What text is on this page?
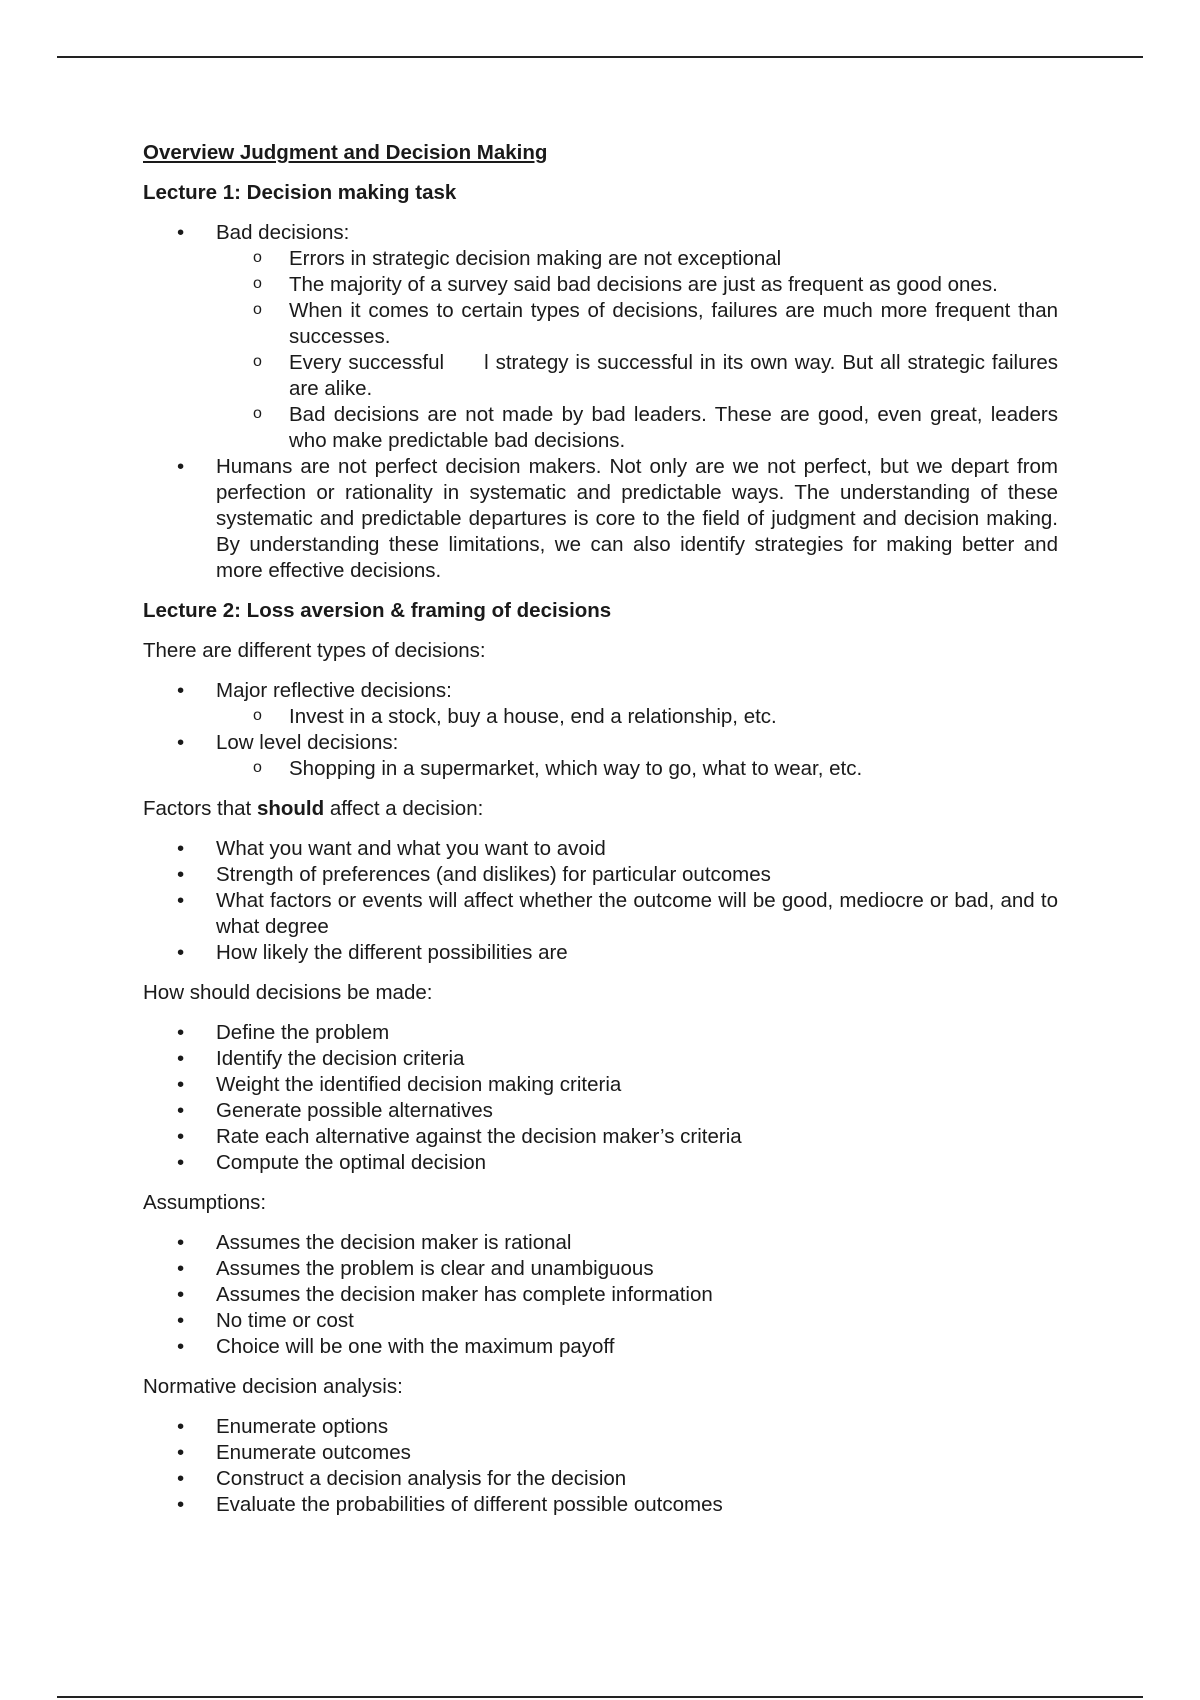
Overview Judgment and Decision Making

Lecture 1: Decision making task

• Bad decisions:
o Errors in strategic decision making are not exceptional
o The majority of a survey said bad decisions are just as frequent as good ones.
o When it comes to certain types of decisions, failures are much more frequent than successes.
o Every successful l strategy is successful in its own way. But all strategic failures are alike.
o Bad decisions are not made by bad leaders. These are good, even great, leaders who make predictable bad decisions.
• Humans are not perfect decision makers. Not only are we not perfect, but we depart from perfection or rationality in systematic and predictable ways. The understanding of these systematic and predictable departures is core to the field of judgment and decision making. By understanding these limitations, we can also identify strategies for making better and more effective decisions.

Lecture 2: Loss aversion & framing of decisions

There are different types of decisions:

• Major reflective decisions:
o Invest in a stock, buy a house, end a relationship, etc.
• Low level decisions:
o Shopping in a supermarket, which way to go, what to wear, etc.

Factors that should affect a decision:

• What you want and what you want to avoid
• Strength of preferences (and dislikes) for particular outcomes
• What factors or events will affect whether the outcome will be good, mediocre or bad, and to what degree
• How likely the different possibilities are

How should decisions be made:

• Define the problem
• Identify the decision criteria
• Weight the identified decision making criteria
• Generate possible alternatives
• Rate each alternative against the decision maker’s criteria
• Compute the optimal decision

Assumptions:

• Assumes the decision maker is rational
• Assumes the problem is clear and unambiguous
• Assumes the decision maker has complete information
• No time or cost
• Choice will be one with the maximum payoff

Normative decision analysis:

• Enumerate options
• Enumerate outcomes
• Construct a decision analysis for the decision
• Evaluate the probabilities of different possible outcomes
